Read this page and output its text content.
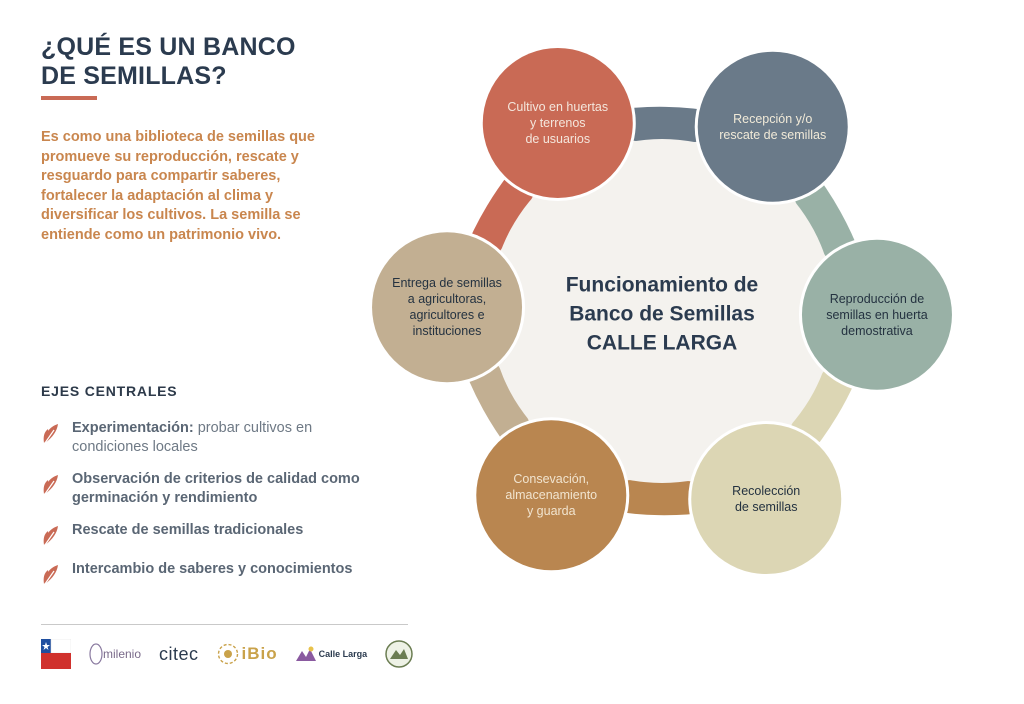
¿QUÉ ES UN BANCO
DE SEMILLAS?

Es como una biblioteca de semillas que promueve su reproducción, rescate y resguardo para compartir saberes, fortalecer la adaptación al clima y diversificar los cultivos. La semilla se entiende como un patrimonio vivo.

EJES CENTRALES
Experimentación: probar cultivos en condiciones locales
Observación de criterios de calidad como germinación y rendimiento
Rescate de semillas tradicionales
Intercambio de saberes y conocimientos
milenio citec	iBio	Calle Larga
Funcionamiento de
Banco de Semillas
CALLE LARGA
Cultivo en huertas
y terrenos
de usuarios
Recepción y/o
rescate de semillas
Reproducción de
semillas en huerta
demostrativa
Recolección
de semillas
Consevación,
almacenamiento
y guarda
Entrega de semillas
a agricultoras,
agricultores e
instituciones
